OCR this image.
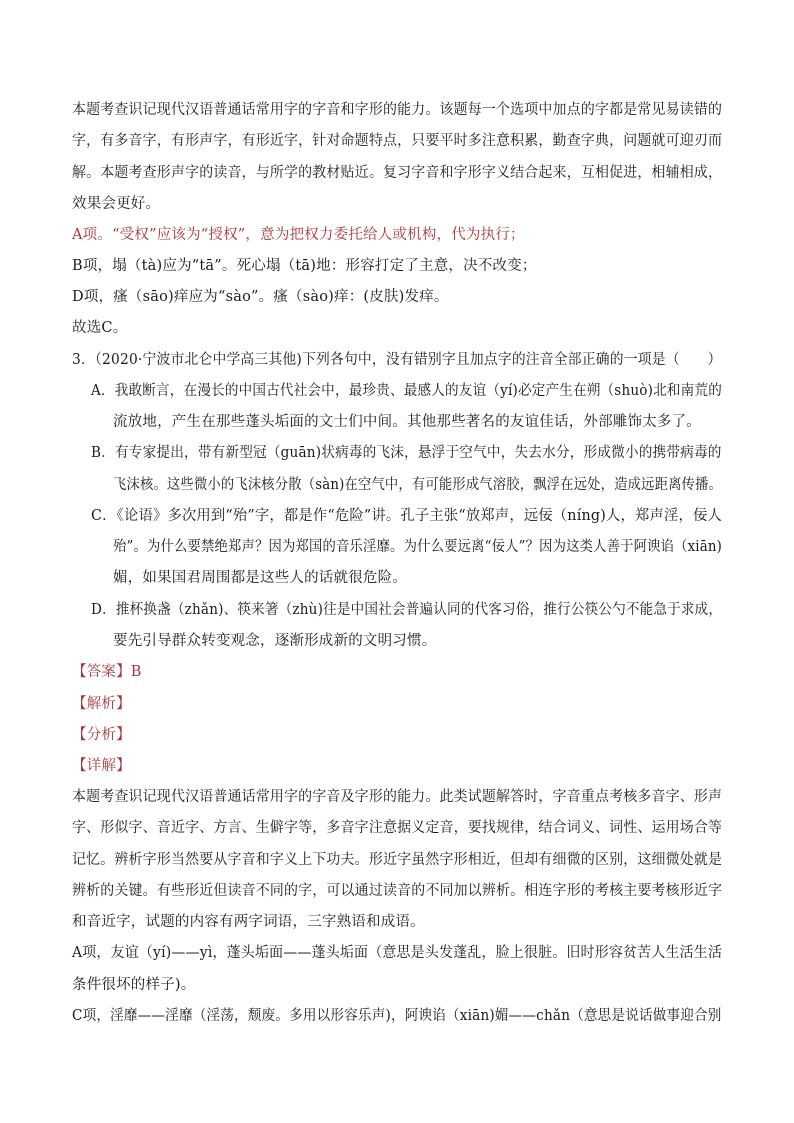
本题考查识记现代汉语普通话常用字的字音和字形的能力。该题每一个选项中加点的字都是常见易读错的
字，有多音字，有形声字，有形近字，针对命题特点，只要平时多注意积累，勤查字典，问题就可迎刃而
解。本题考查形声字的读音，与所学的教材贴近。复习字音和字形字义结合起来，互相促进，相辅相成，
效果会更好。
A项。“受权”应该为“授权”，意为把权力委托给人或机构，代为执行；
B项，塌（tà)应为“tā”。死心塌（tā)地：形容打定了主意，决不改变；
D项，瘙（sāo)痒应为“sào”。瘙（sào)痒：(皮肤)发痒。
故选C。
3．（2020·宁波市北仑中学高三其他)下列各句中，没有错别字且加点字的注音全部正确的一项是（　　）
A．我敢断言，在漫长的中国古代社会中，最珍贵、最感人的友谊（yí)必定产生在朔（shuò)北和南荒的
流放地，产生在那些蓬头垢面的文士们中间。其他那些著名的友谊佳话，外部雕饰太多了。
B．有专家提出，带有新型冠（guān)状病毒的飞沫，悬浮于空气中，失去水分，形成微小的携带病毒的
飞沫核。这些微小的飞沫核分散（sàn)在空气中，有可能形成气溶胶，飘浮在远处，造成远距离传播。
C．《论语》多次用到“殆”字，都是作“危险”讲。孔子主张“放郑声，远佞（níng)人，郑声淫，佞人
殆”。为什么要禁绝郑声？因为郑国的音乐淫靡。为什么要远离“佞人”？因为这类人善于阿谀谄（xiān)
媚，如果国君周围都是这些人的话就很危险。
D．推杯换盏（zhǎn)、筷来箸（zhù)往是中国社会普遍认同的代客习俗，推行公筷公勺不能急于求成，
要先引导群众转变观念，逐渐形成新的文明习惯。
【答案】B
【解析】
【分析】
【详解】
本题考查识记现代汉语普通话常用字的字音及字形的能力。此类试题解答时，字音重点考核多音字、形声
字、形似字、音近字、方言、生僻字等，多音字注意据义定音，要找规律，结合词义、词性、运用场合等
记忆。辨析字形当然要从字音和字义上下功夫。形近字虽然字形相近，但却有细微的区别，这细微处就是
辨析的关键。有些形近但读音不同的字，可以通过读音的不同加以辨析。相连字形的考核主要考核形近字
和音近字，试题的内容有两字词语，三字熟语和成语。
A项，友谊（yí)——yì，蓬头垢面——蓬头垢面（意思是头发蓬乱，脸上很脏。旧时形容贫苦人生活生活
条件很坏的样子)。
C项，淫靡——淫靡（淫荡，颓废。多用以形容乐声)，阿谀谄（xiān)媚——chǎn（意思是说话做事迎合别
